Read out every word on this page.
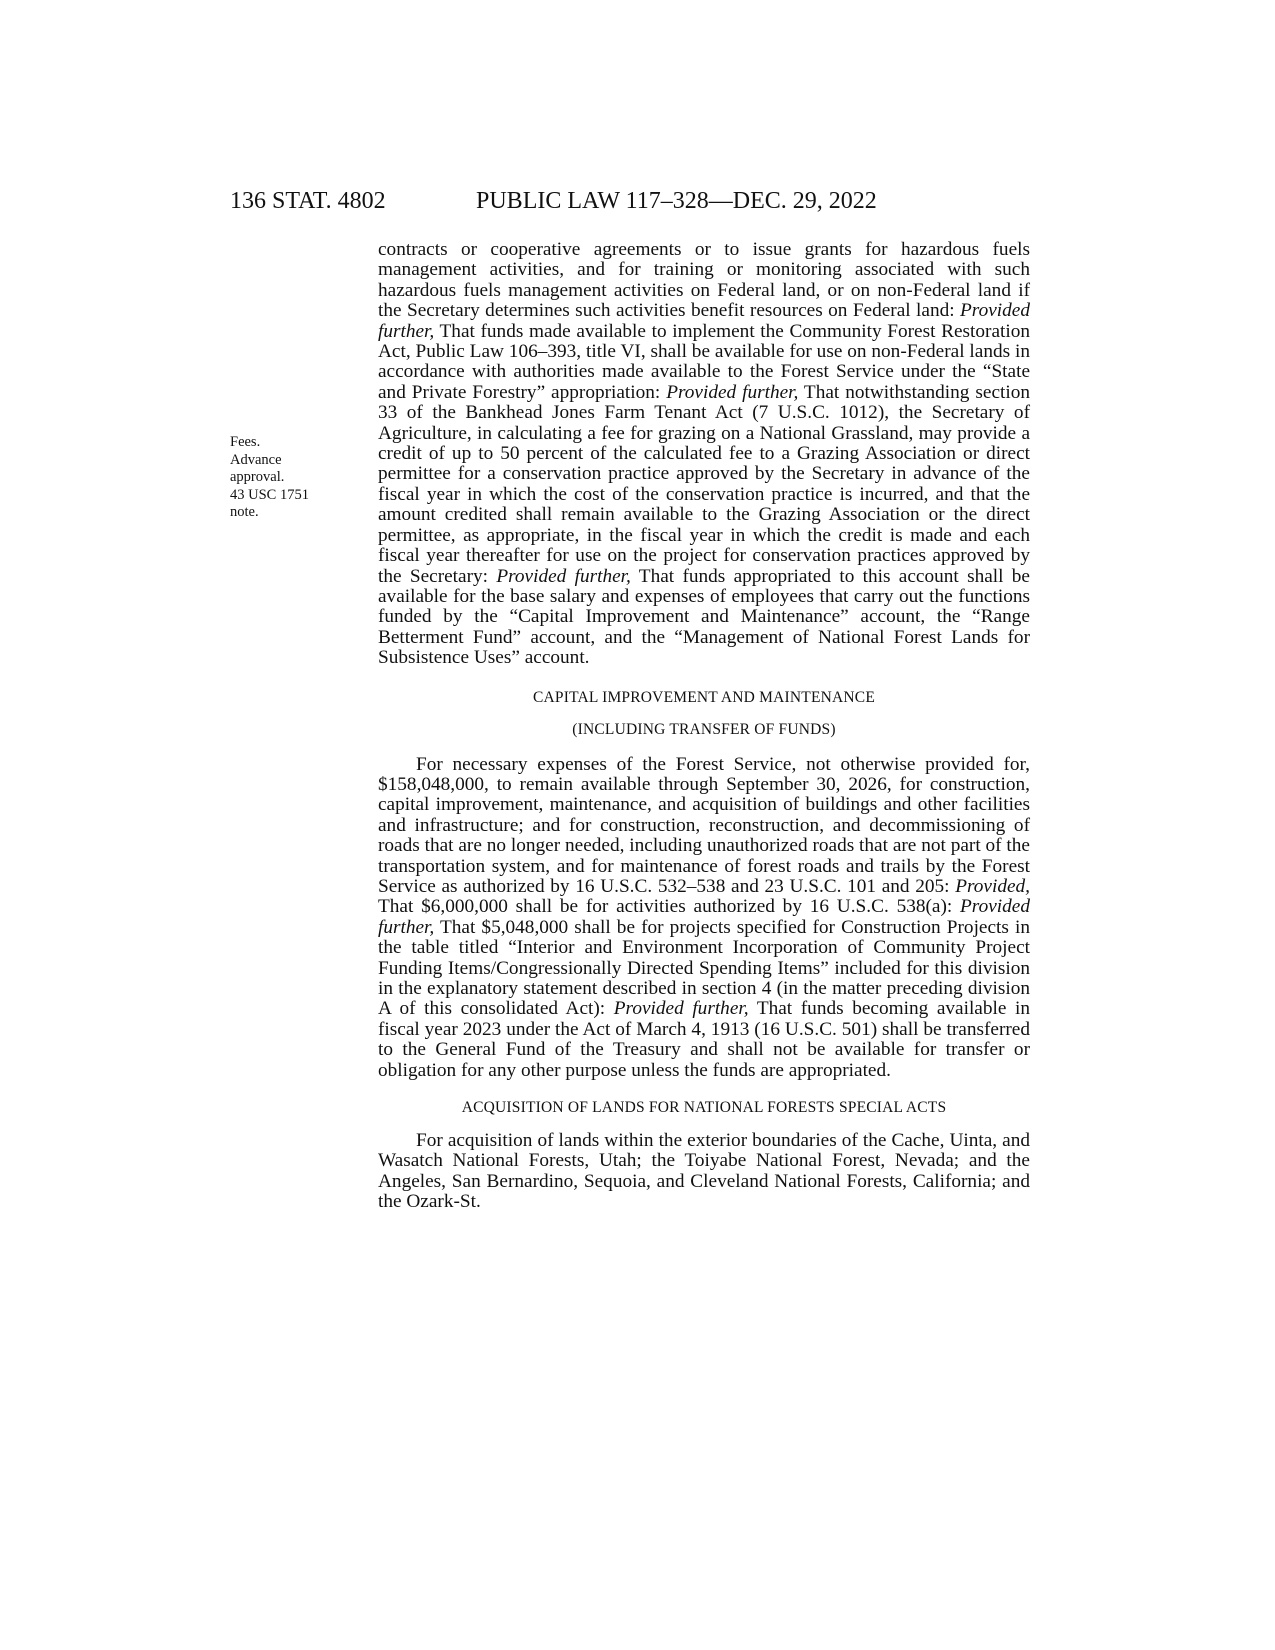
136 STAT. 4802	PUBLIC LAW 117–328—DEC. 29, 2022
Fees.
Advance
approval.
43 USC 1751
note.

contracts or cooperative agreements or to issue grants for hazardous fuels management activities, and for training or monitoring associated with such hazardous fuels management activities on Federal land, or on non-Federal land if the Secretary determines such activities benefit resources on Federal land: Provided further, That funds made available to implement the Community Forest Restoration Act, Public Law 106–393, title VI, shall be available for use on non-Federal lands in accordance with authorities made available to the Forest Service under the “State and Private Forestry” appropriation: Provided further, That notwithstanding section 33 of the Bankhead Jones Farm Tenant Act (7 U.S.C. 1012), the Secretary of Agriculture, in calculating a fee for grazing on a National Grassland, may provide a credit of up to 50 percent of the calculated fee to a Grazing Association or direct permittee for a conservation practice approved by the Secretary in advance of the fiscal year in which the cost of the conservation practice is incurred, and that the amount credited shall remain available to the Grazing Association or the direct permittee, as appropriate, in the fiscal year in which the credit is made and each fiscal year thereafter for use on the project for conservation practices approved by the Secretary: Provided further, That funds appropriated to this account shall be available for the base salary and expenses of employees that carry out the functions funded by the “Capital Improvement and Maintenance” account, the “Range Betterment Fund” account, and the “Management of National Forest Lands for Subsistence Uses” account.

CAPITAL IMPROVEMENT AND MAINTENANCE
(INCLUDING TRANSFER OF FUNDS)

For necessary expenses of the Forest Service, not otherwise provided for, $158,048,000, to remain available through September 30, 2026, for construction, capital improvement, maintenance, and acquisition of buildings and other facilities and infrastructure; and for construction, reconstruction, and decommissioning of roads that are no longer needed, including unauthorized roads that are not part of the transportation system, and for maintenance of forest roads and trails by the Forest Service as authorized by 16 U.S.C. 532–538 and 23 U.S.C. 101 and 205: Provided, That $6,000,000 shall be for activities authorized by 16 U.S.C. 538(a): Provided further, That $5,048,000 shall be for projects specified for Construction Projects in the table titled “Interior and Environment Incorporation of Community Project Funding Items/Congressionally Directed Spending Items” included for this division in the explanatory statement described in section 4 (in the matter preceding division A of this consolidated Act): Provided further, That funds becoming available in fiscal year 2023 under the Act of March 4, 1913 (16 U.S.C. 501) shall be transferred to the General Fund of the Treasury and shall not be available for transfer or obligation for any other purpose unless the funds are appropriated.

ACQUISITION OF LANDS FOR NATIONAL FORESTS SPECIAL ACTS

For acquisition of lands within the exterior boundaries of the Cache, Uinta, and Wasatch National Forests, Utah; the Toiyabe National Forest, Nevada; and the Angeles, San Bernardino, Sequoia, and Cleveland National Forests, California; and the Ozark-St.
